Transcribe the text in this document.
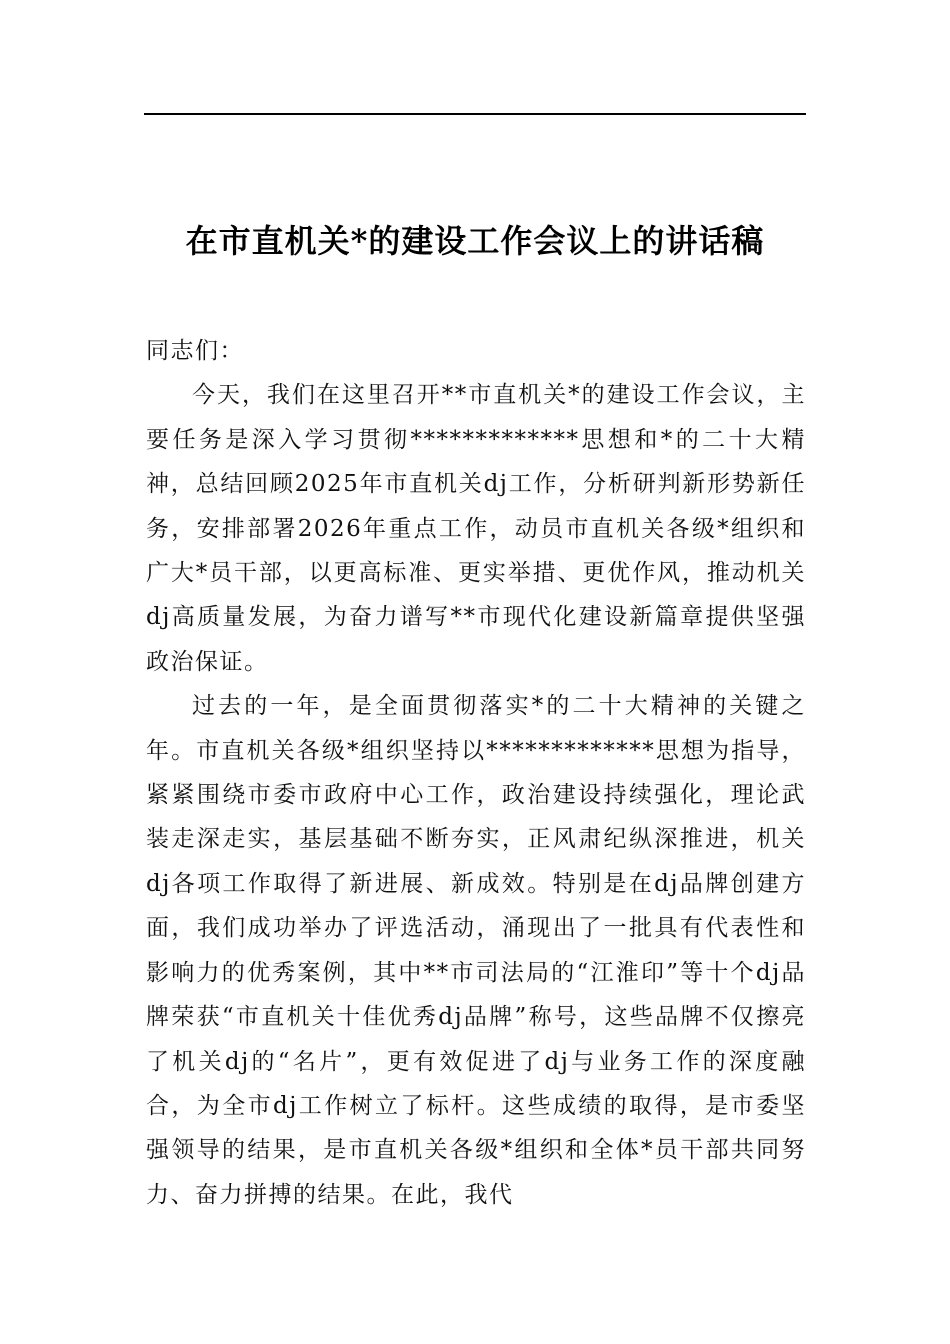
在市直机关*的建设工作会议上的讲话稿

同志们：

今天，我们在这里召开**市直机关*的建设工作会议，主要任务是深入学习贯彻*************思想和*的二十大精神，总结回顾2025年市直机关dj工作，分析研判新形势新任务，安排部署2026年重点工作，动员市直机关各级*组织和广大*员干部，以更高标准、更实举措、更优作风，推动机关dj高质量发展，为奋力谱写**市现代化建设新篇章提供坚强政治保证。

过去的一年，是全面贯彻落实*的二十大精神的关键之年。市直机关各级*组织坚持以*************思想为指导，紧紧围绕市委市政府中心工作，政治建设持续强化，理论武装走深走实，基层基础不断夯实，正风肃纪纵深推进，机关dj各项工作取得了新进展、新成效。特别是在dj品牌创建方面，我们成功举办了评选活动，涌现出了一批具有代表性和影响力的优秀案例，其中**市司法局的“江淮印”等十个dj品牌荣获“市直机关十佳优秀dj品牌”称号，这些品牌不仅擦亮了机关dj的“名片”，更有效促进了dj与业务工作的深度融合，为全市dj工作树立了标杆。这些成绩的取得，是市委坚强领导的结果，是市直机关各级*组织和全体*员干部共同努力、奋力拼搏的结果。在此，我代
